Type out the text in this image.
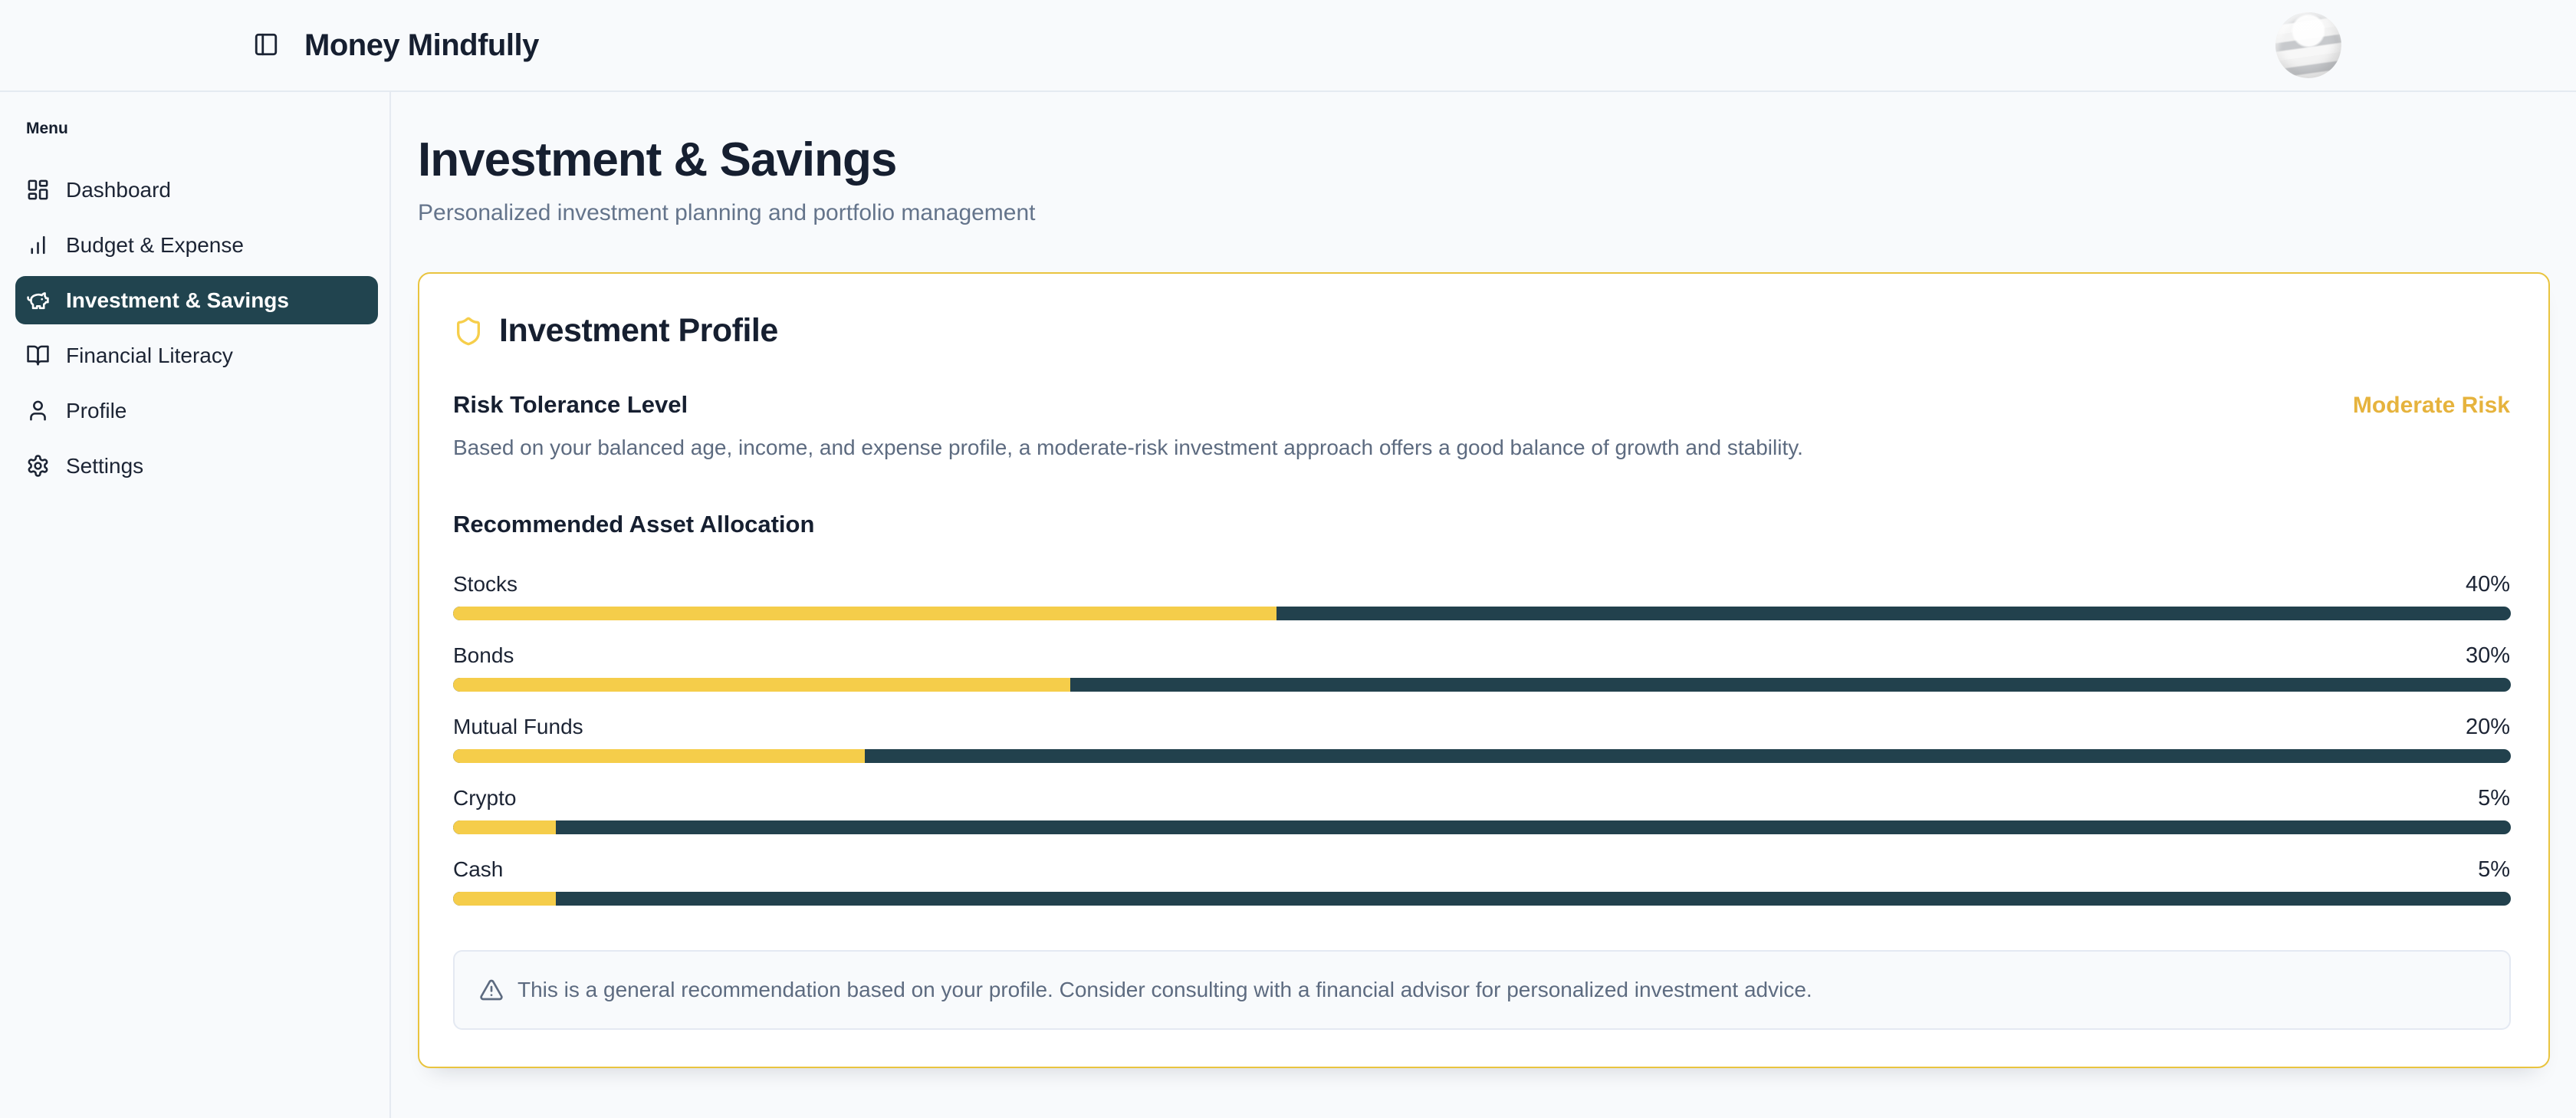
Money Mindfully
Menu
Dashboard
Budget & Expense
Investment & Savings
Financial Literacy
Profile
Settings
Investment & Savings

Personalized investment planning and portfolio management

Investment Profile
Risk Tolerance Level	Moderate Risk

Based on your balanced age, income, and expense profile, a moderate-risk investment approach offers a good balance of growth and stability.

Recommended Asset Allocation
Stocks	40%
Bonds	30%
Mutual Funds	20%
Crypto	5%
Cash	5%
This is a general recommendation based on your profile. Consider consulting with a financial advisor for personalized investment advice.
